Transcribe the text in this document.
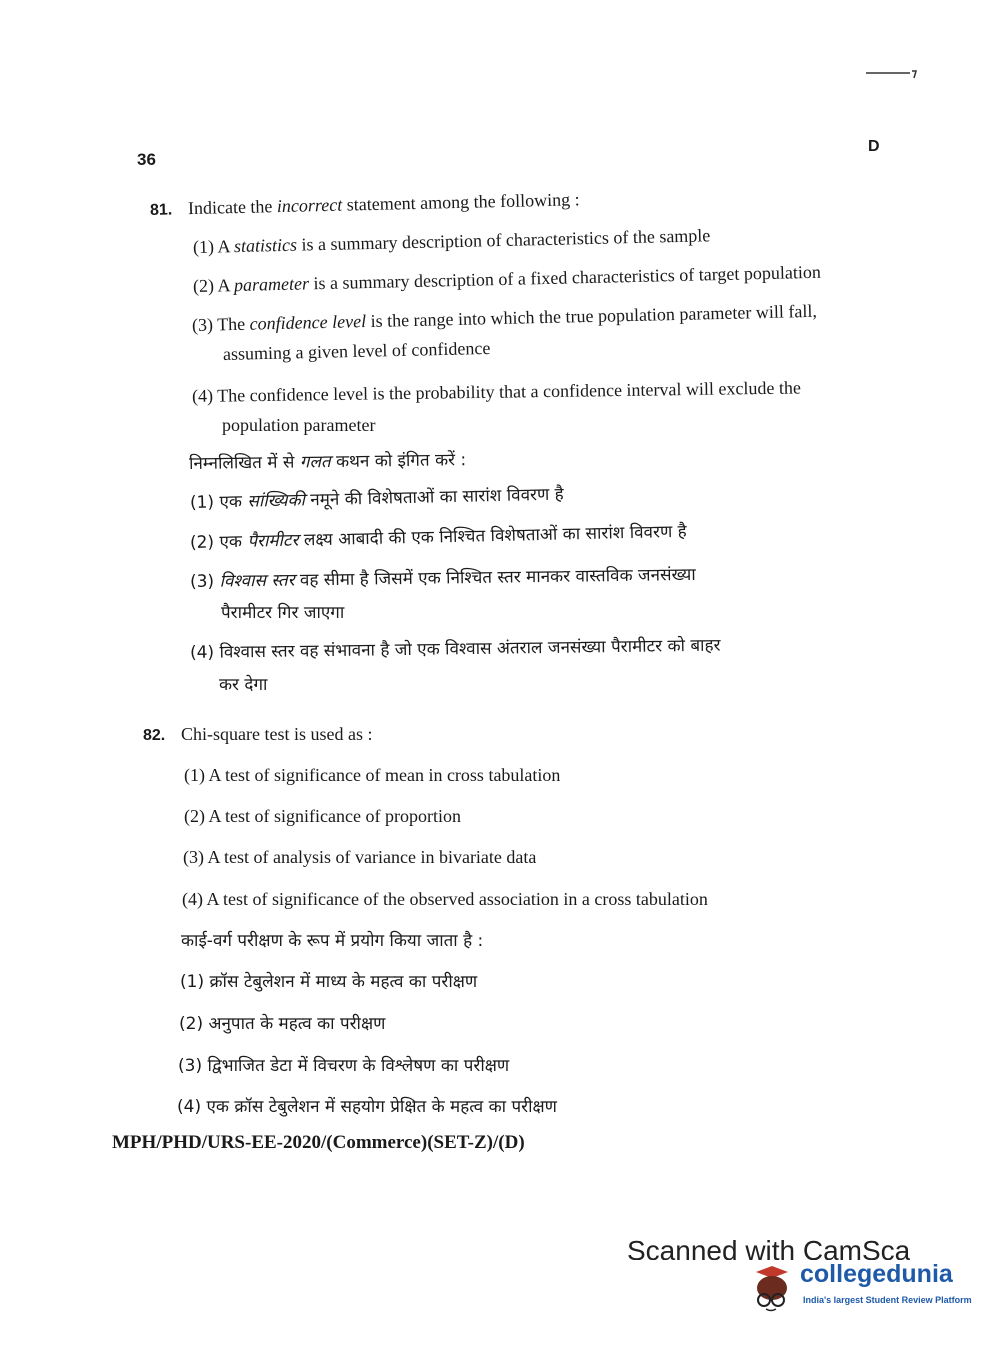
36
D
81. Indicate the incorrect statement among the following :
(1) A statistics is a summary description of characteristics of the sample
(2) A parameter is a summary description of a fixed characteristics of target population
(3) The confidence level is the range into which the true population parameter will fall,
assuming a given level of confidence
(4) The confidence level is the probability that a confidence interval will exclude the
population parameter
निम्नलिखित में से गलत कथन को इंगित करें :
(1) एक सांख्यिकी नमूने की विशेषताओं का सारांश विवरण है
(2) एक पैरामीटर लक्ष्य आबादी की एक निश्चित विशेषताओं का सारांश विवरण है
(3) विश्वास स्तर वह सीमा है जिसमें एक निश्चित स्तर मानकर वास्तविक जनसंख्या
पैरामीटर गिर जाएगा
(4) विश्वास स्तर वह संभावना है जो एक विश्वास अंतराल जनसंख्या पैरामीटर को बाहर
कर देगा
82. Chi-square test is used as :
(1) A test of significance of mean in cross tabulation
(2) A test of significance of proportion
(3) A test of analysis of variance in bivariate data
(4) A test of significance of the observed association in a cross tabulation
काई-वर्ग परीक्षण के रूप में प्रयोग किया जाता है :
(1) क्रॉस टेबुलेशन में माध्य के महत्व का परीक्षण
(2) अनुपात के महत्व का परीक्षण
(3) द्विभाजित डेटा में विचरण के विश्लेषण का परीक्षण
(4) एक क्रॉस टेबुलेशन में सहयोग प्रेक्षित के महत्व का परीक्षण
MPH/PHD/URS-EE-2020/(Commerce)(SET-Z)/(D)
Scanned with CamSca
collegedunia
India's largest Student Review Platform
